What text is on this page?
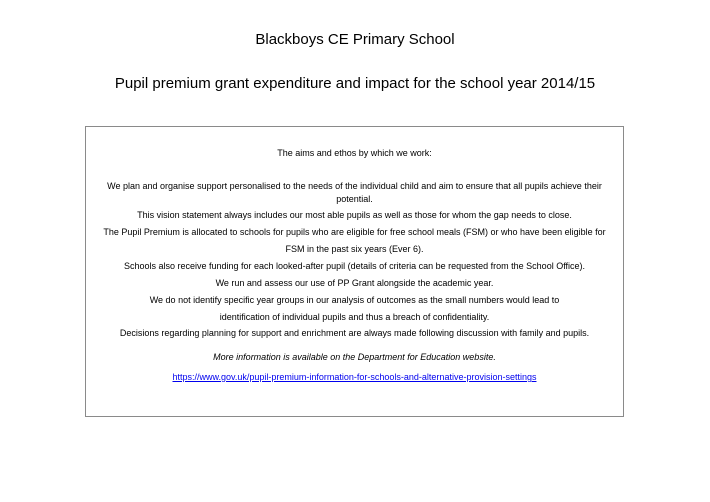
Blackboys CE Primary School
Pupil premium grant expenditure and impact for the school year 2014/15
The aims and ethos by which we work:
We plan and organise support personalised to the needs of the individual child and aim to ensure that all pupils achieve their
potential.
This vision statement always includes our most able pupils as well as those for whom the gap needs to close.
The Pupil Premium is allocated to schools for pupils who are eligible for free school meals (FSM) or who have been eligible for
FSM in the past six years (Ever 6).
Schools also receive funding for each looked-after pupil (details of criteria can be requested from the School Office).
We run and assess our use of PP Grant alongside the academic year.
We do not identify specific year groups in our analysis of outcomes as the small numbers would lead to
identification of individual pupils and thus a breach of confidentiality.
Decisions regarding planning for support and enrichment are always made following discussion with family and pupils.
More information is available on the Department for Education website.
https://www.gov.uk/pupil-premium-information-for-schools-and-alternative-provision-settings
